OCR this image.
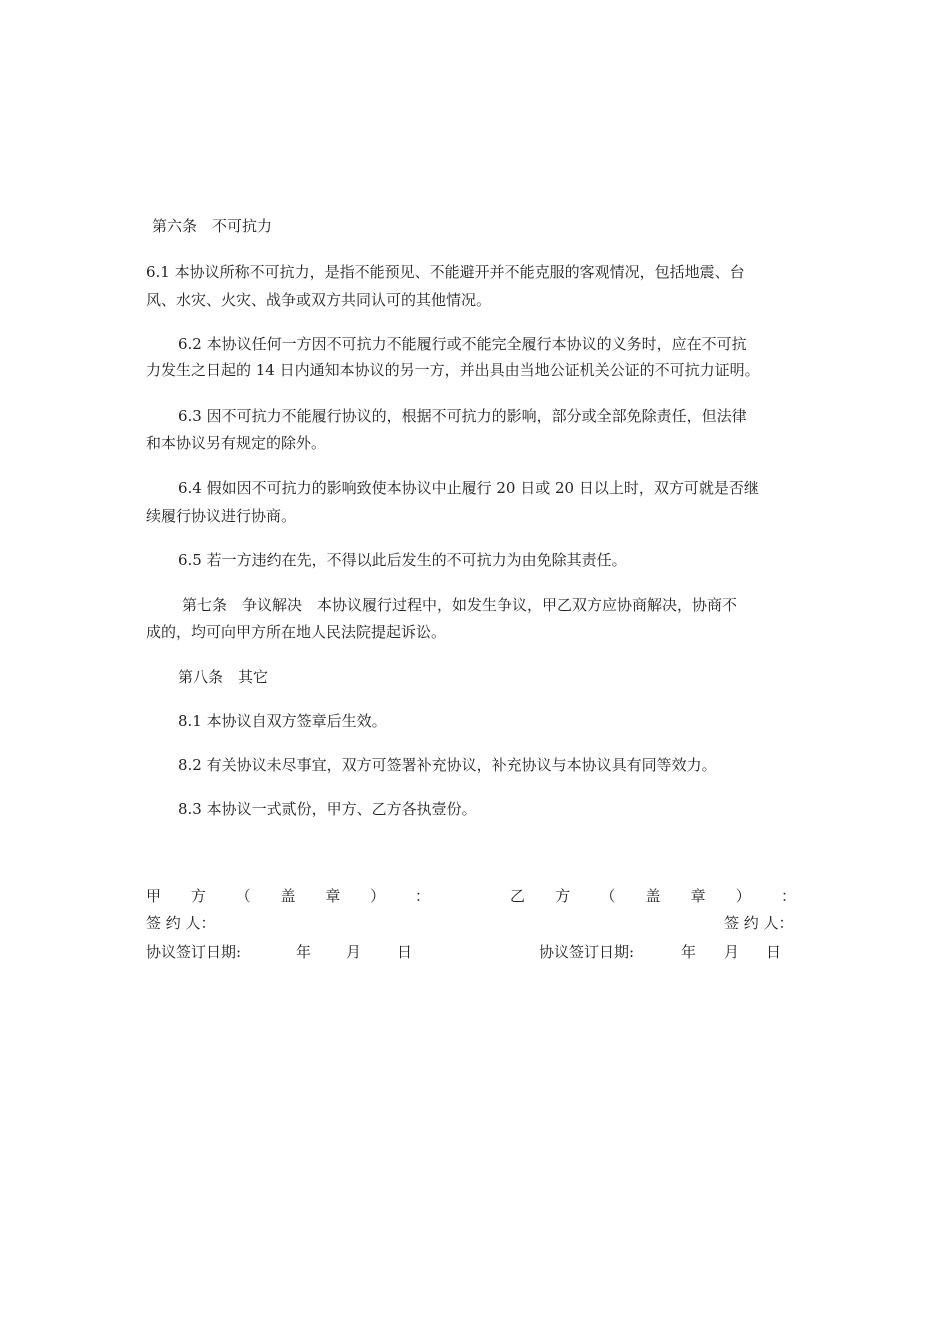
第六条　不可抗力
6.1 本协议所称不可抗力，是指不能预见、不能避开并不能克服的客观情况，包括地震、台
风、水灾、火灾、战争或双方共同认可的其他情况。
6.2 本协议任何一方因不可抗力不能履行或不能完全履行本协议的义务时，应在不可抗
力发生之日起的 14 日内通知本协议的另一方，并出具由当地公证机关公证的不可抗力证明。
6.3 因不可抗力不能履行协议的，根据不可抗力的影响，部分或全部免除责任，但法律
和本协议另有规定的除外。
6.4 假如因不可抗力的影响致使本协议中止履行 20 日或 20 日以上时，双方可就是否继
续履行协议进行协商。
6.5 若一方违约在先，不得以此后发生的不可抗力为由免除其责任。
第七条　争议解决　本协议履行过程中，如发生争议，甲乙双方应协商解决，协商不
成的，均可向甲方所在地人民法院提起诉讼。
第八条　其它
8.1 本协议自双方签章后生效。
8.2 有关协议未尽事宜，双方可签署补充协议，补充协议与本协议具有同等效力。
8.3 本协议一式贰份，甲方、乙方各执壹份。
甲 方 （ 盖 章 ） ：	乙 方 （ 盖 章 ） ：
签 约 人：	签 约 人：
协议签订日期:	年 月 日	协议签订日期:	年 月 日
